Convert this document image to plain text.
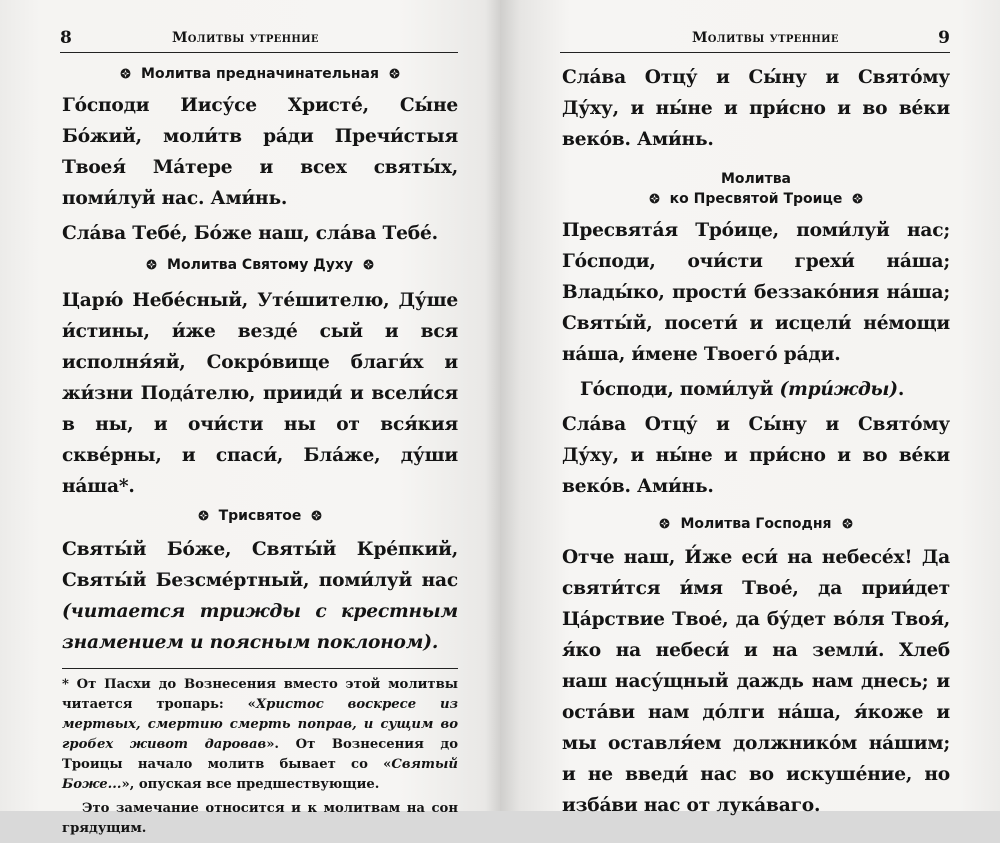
8	Молитвы утренние
Молитва предначинательная

Го́споди Иису́се Христе́, Сы́не Бо́жий, моли́тв ра́ди Пречи́стыя Твоея́ Ма́тере и всех святы́х, поми́луй нас. Ами́нь.

Сла́ва Тебе́, Бо́же наш, сла́ва Тебе́.

Молитва Святому Духу

Царю́ Небе́сный, Уте́шителю, Ду́ше и́стины, и́же везде́ сый и вся исполня́яй, Сокро́вище благи́х и жи́зни Пода́телю, прииди́ и всели́ся в ны, и очи́сти ны от вся́кия скве́рны, и спаси́, Бла́же, ду́ши на́ша*.

Трисвятое

Святы́й Бо́же, Святы́й Кре́пкий, Святы́й Безсме́ртный, поми́луй нас (читается трижды с крестным знамением и поясным поклоном).

* От Пасхи до Вознесения вместо этой молитвы читается тропарь: «Христос воскресе из мертвых, смертию смерть поправ, и сущим во гробех живот даровав». От Вознесения до Троицы начало молитв бывает со «Святый Боже...», опуская все предшествующие.

Это замечание относится и к молитвам на сон грядущим.

Молитвы утренние	9

Сла́ва Отцу́ и Сы́ну и Свято́му Ду́ху, и ны́не и при́сно и во ве́ки веко́в. Ами́нь.

Молитва
ко Пресвятой Троице

Пресвята́я Тро́ице, поми́луй нас; Го́споди, очи́сти грехи́ на́ша; Влады́ко, прости́ беззако́ния на́ша; Святы́й, посети́ и исцели́ не́мощи на́ша, и́мене Твоего́ ра́ди.

Го́споди, поми́луй (три́жды).

Сла́ва Отцу́ и Сы́ну и Свято́му Ду́ху, и ны́не и при́сно и во ве́ки веко́в. Ами́нь.

Молитва Господня

Отче наш, И́же еси́ на небесе́х! Да святи́тся и́мя Твое́, да прии́дет Ца́рствие Твое́, да бу́дет во́ля Твоя́, я́ко на небеси́ и на земли́. Хлеб наш насу́щный даждь нам днесь; и оста́ви нам до́лги на́ша, я́коже и мы оставля́ем должнико́м на́шим; и не введи́ нас во искуше́ние, но изба́ви нас от лука́ваго.
